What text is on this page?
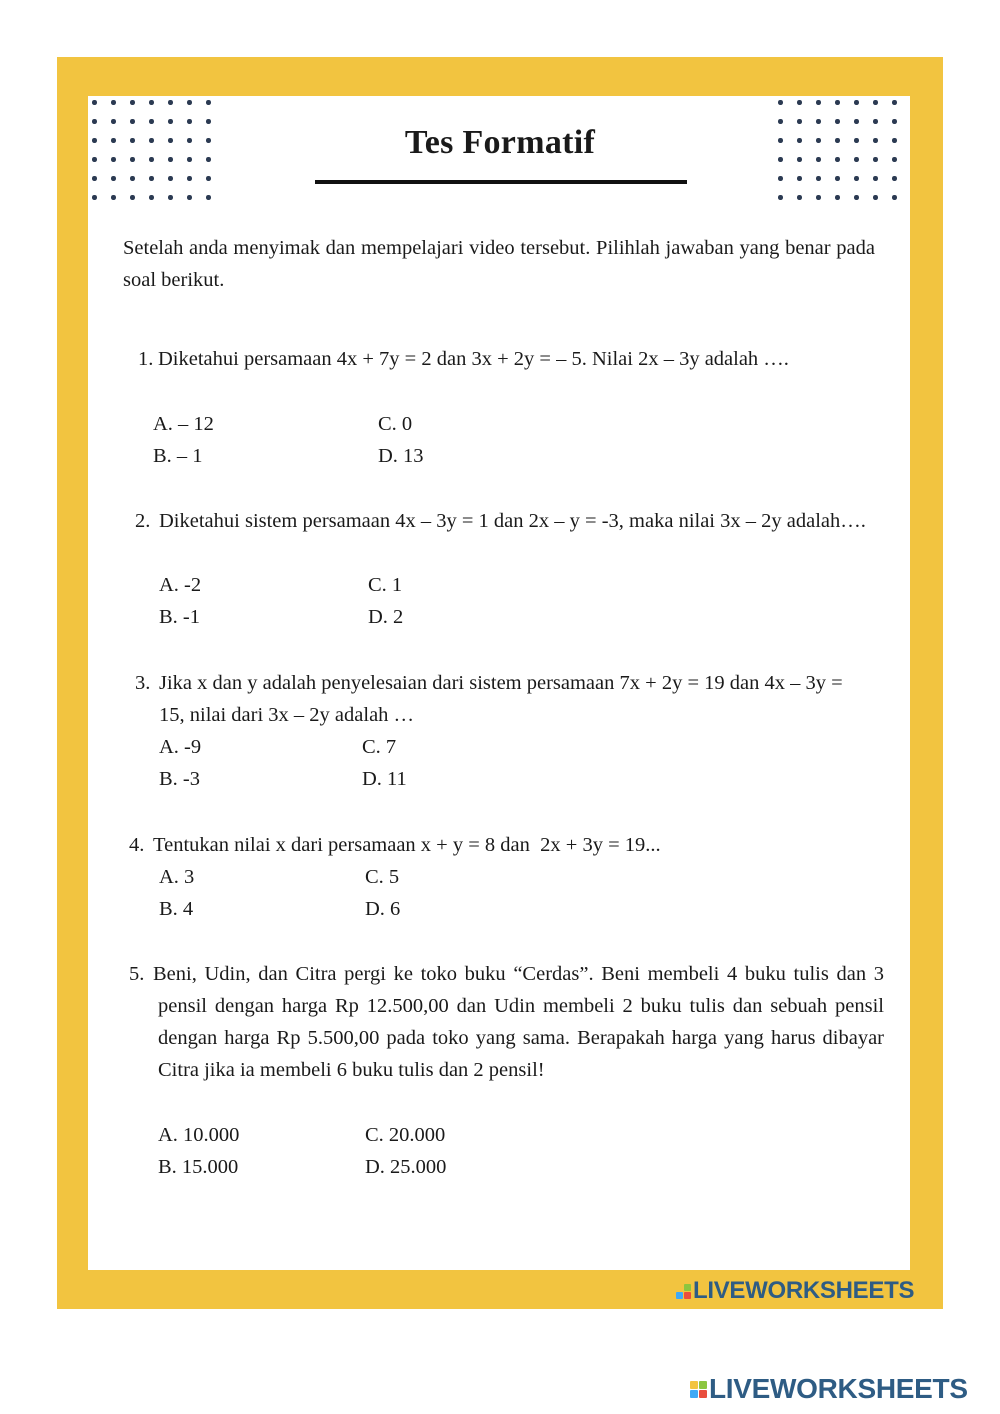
Tes Formatif
Setelah anda menyimak dan mempelajari video tersebut. Pilihlah jawaban yang benar pada soal berikut.
1. Diketahui persamaan 4x + 7y = 2 dan 3x + 2y = – 5. Nilai 2x – 3y adalah ….
A. – 12
B. – 1
C. 0
D. 13
2. Diketahui sistem persamaan 4x – 3y = 1 dan 2x – y = -3, maka nilai 3x – 2y adalah….
A. -2
B. -1
C. 1
D. 2
3. Jika x dan y adalah penyelesaian dari sistem persamaan 7x + 2y = 19 dan 4x – 3y = 15, nilai dari 3x – 2y adalah …
A. -9
B. -3
C. 7
D. 11
4. Tentukan nilai x dari persamaan x + y = 8 dan  2x + 3y = 19...
A. 3
B. 4
C. 5
D. 6
5. Beni, Udin, dan Citra pergi ke toko buku “Cerdas”. Beni membeli 4 buku tulis dan 3 pensil dengan harga Rp 12.500,00 dan Udin membeli 2 buku tulis dan sebuah pensil dengan harga Rp 5.500,00 pada toko yang sama. Berapakah harga yang harus dibayar Citra jika ia membeli 6 buku tulis dan 2 pensil!
A. 10.000
B. 15.000
C. 20.000
D. 25.000
LIVEWORKSHEETS
LIVEWORKSHEETS
